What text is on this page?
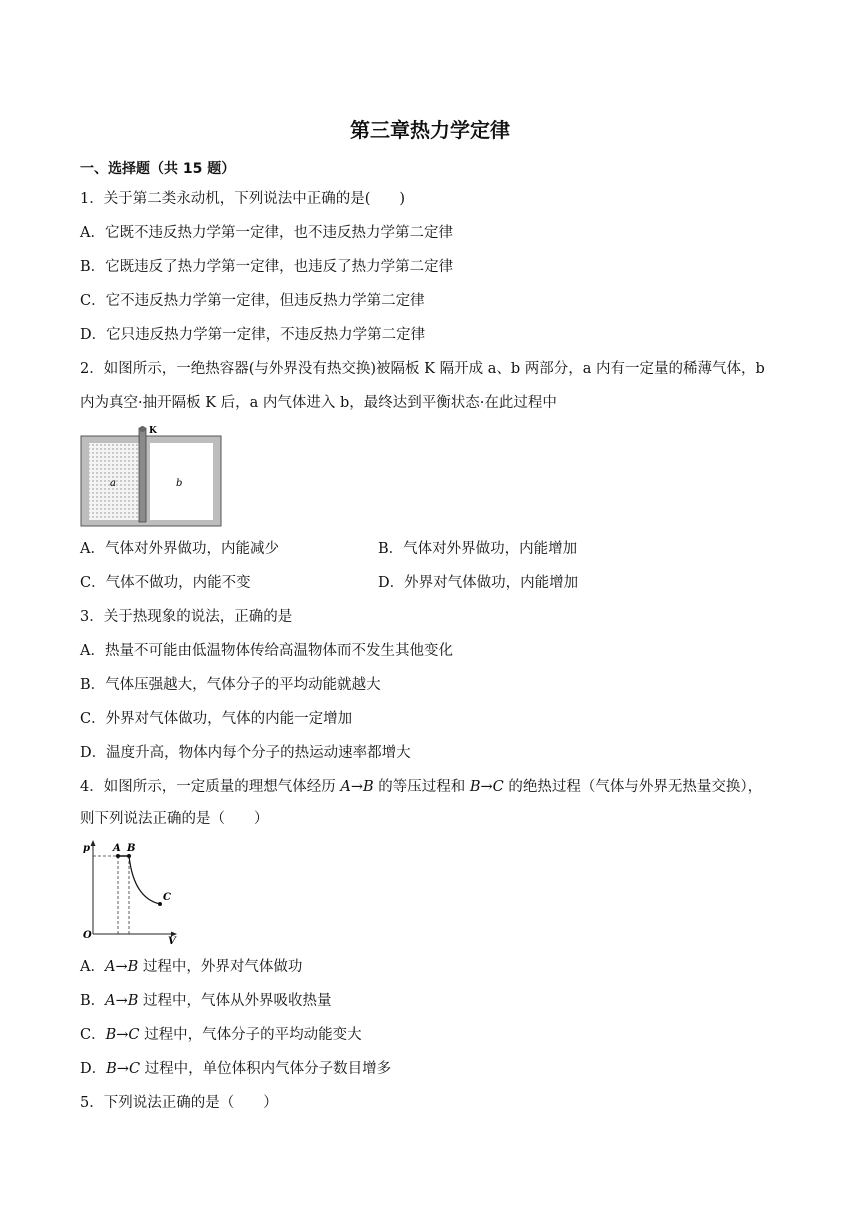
第三章热力学定律
一、选择题（共 15 题）
1．关于第二类永动机，下列说法中正确的是(　　)
A．它既不违反热力学第一定律，也不违反热力学第二定律
B．它既违反了热力学第一定律，也违反了热力学第二定律
C．它不违反热力学第一定律，但违反热力学第二定律
D．它只违反热力学第一定律，不违反热力学第二定律
2．如图所示，一绝热容器(与外界没有热交换)被隔板 K 隔开成 a、b 两部分，a 内有一定量的稀薄气体，b
内为真空·抽开隔板 K 后，a 内气体进入 b，最终达到平衡状态·在此过程中
K
a	b
A．气体对外界做功，内能减少	B．气体对外界做功，内能增加
C．气体不做功，内能不变	D．外界对气体做功，内能增加
3．关于热现象的说法，正确的是
A．热量不可能由低温物体传给高温物体而不发生其他变化
B．气体压强越大，气体分子的平均动能就越大
C．外界对气体做功，气体的内能一定增加
D．温度升高，物体内每个分子的热运动速率都增大
4．如图所示，一定质量的理想气体经历 A→B 的等压过程和 B→C 的绝热过程（气体与外界无热量交换），
则下列说法正确的是（　　）
p
V
O
A B
C
A．A→B 过程中，外界对气体做功
B．A→B 过程中，气体从外界吸收热量
C．B→C 过程中，气体分子的平均动能变大
D．B→C 过程中，单位体积内气体分子数目增多
5．下列说法正确的是（　　）
